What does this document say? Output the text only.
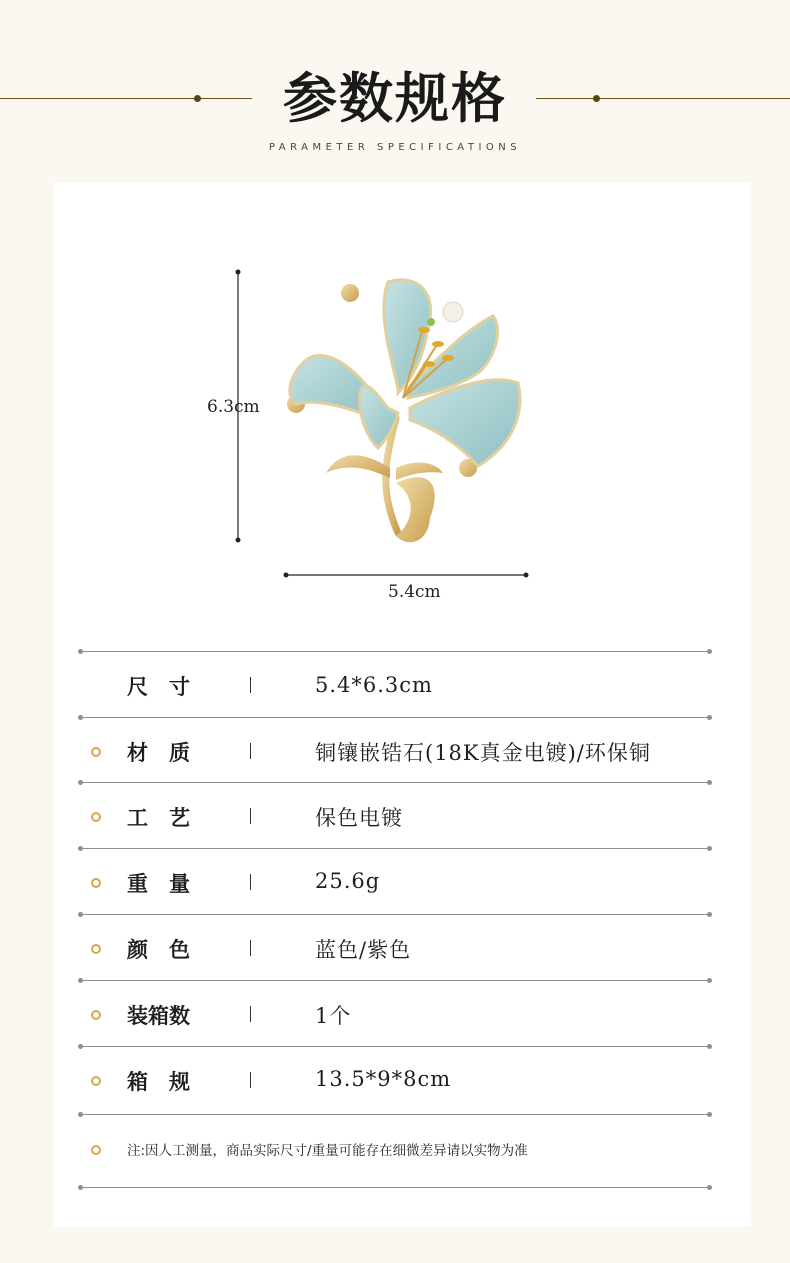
参数规格
PARAMETER SPECIFICATIONS
6.3cm
5.4cm
尺　寸	5.4*6.3cm
材　质	铜镶嵌锆石(18K真金电镀)/环保铜
工　艺	保色电镀
重　量	25.6g
颜　色	蓝色/紫色
装箱数	1个
箱　规	13.5*9*8cm
注:因人工测量，商品实际尺寸/重量可能存在细微差异请以实物为准
